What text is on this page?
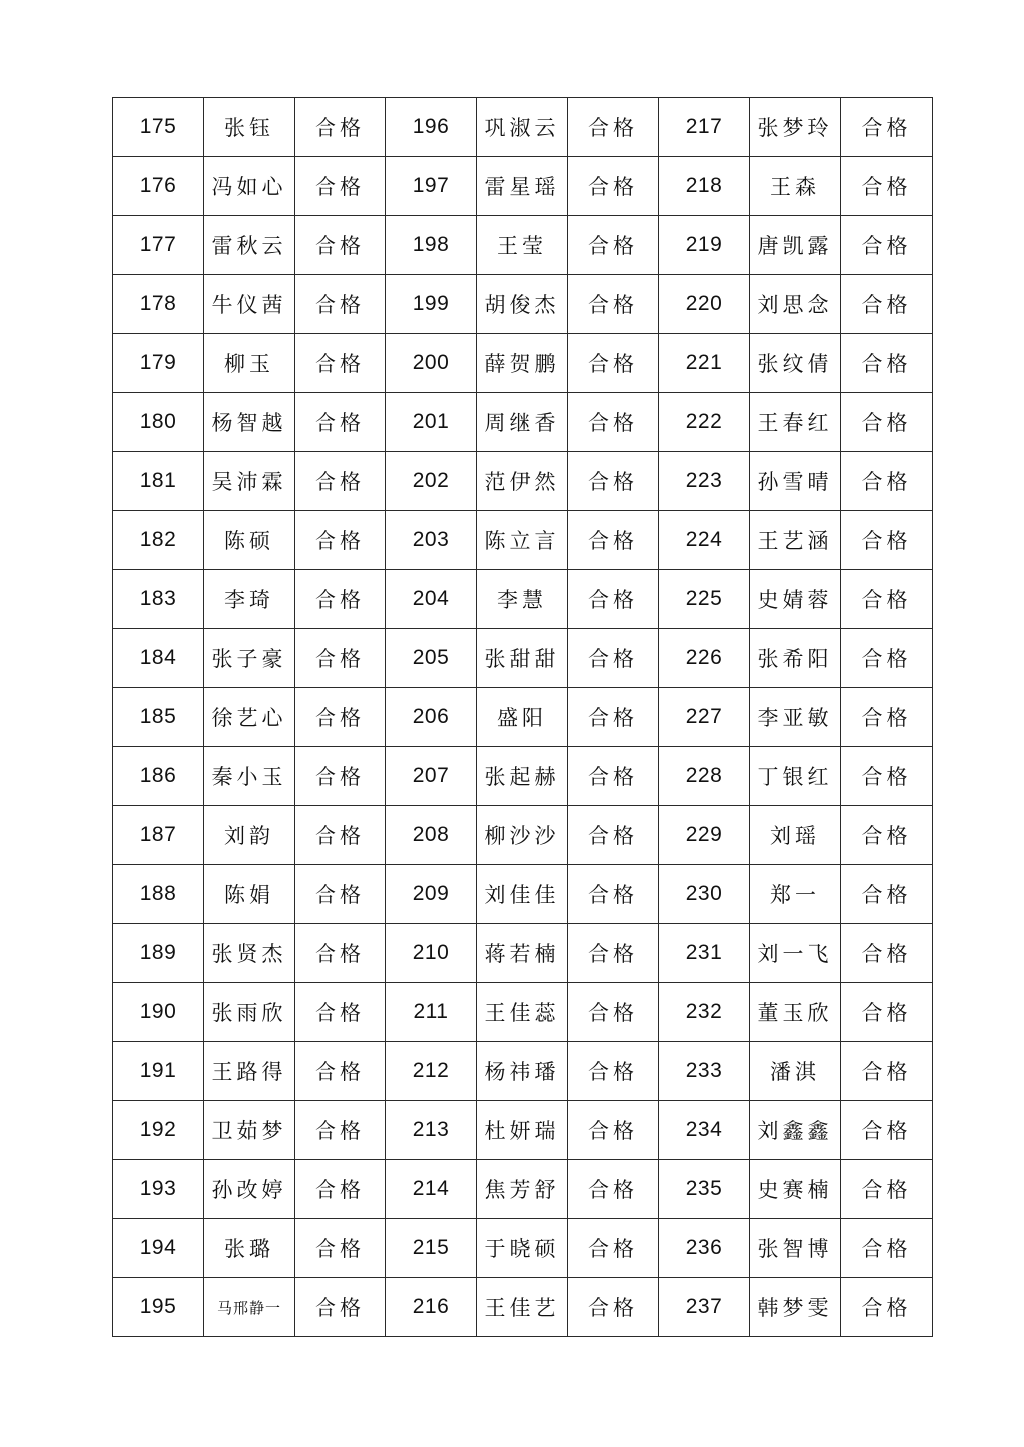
175	张钰	合格	196	巩淑云	合格	217	张梦玲	合格
176	冯如心	合格	197	雷星瑶	合格	218	王森	合格
177	雷秋云	合格	198	王莹	合格	219	唐凯露	合格
178	牛仪茜	合格	199	胡俊杰	合格	220	刘思念	合格
179	柳玉	合格	200	薛贺鹏	合格	221	张纹倩	合格
180	杨智越	合格	201	周继香	合格	222	王春红	合格
181	吴沛霖	合格	202	范伊然	合格	223	孙雪晴	合格
182	陈硕	合格	203	陈立言	合格	224	王艺涵	合格
183	李琦	合格	204	李慧	合格	225	史婧蓉	合格
184	张子豪	合格	205	张甜甜	合格	226	张希阳	合格
185	徐艺心	合格	206	盛阳	合格	227	李亚敏	合格
186	秦小玉	合格	207	张起赫	合格	228	丁银红	合格
187	刘韵	合格	208	柳沙沙	合格	229	刘瑶	合格
188	陈娟	合格	209	刘佳佳	合格	230	郑一	合格
189	张贤杰	合格	210	蒋若楠	合格	231	刘一飞	合格
190	张雨欣	合格	211	王佳蕊	合格	232	董玉欣	合格
191	王路得	合格	212	杨祎璠	合格	233	潘淇	合格
192	卫茹梦	合格	213	杜妍瑞	合格	234	刘鑫鑫	合格
193	孙改婷	合格	214	焦芳舒	合格	235	史赛楠	合格
194	张璐	合格	215	于晓硕	合格	236	张智博	合格
195	马邢静一	合格	216	王佳艺	合格	237	韩梦雯	合格
